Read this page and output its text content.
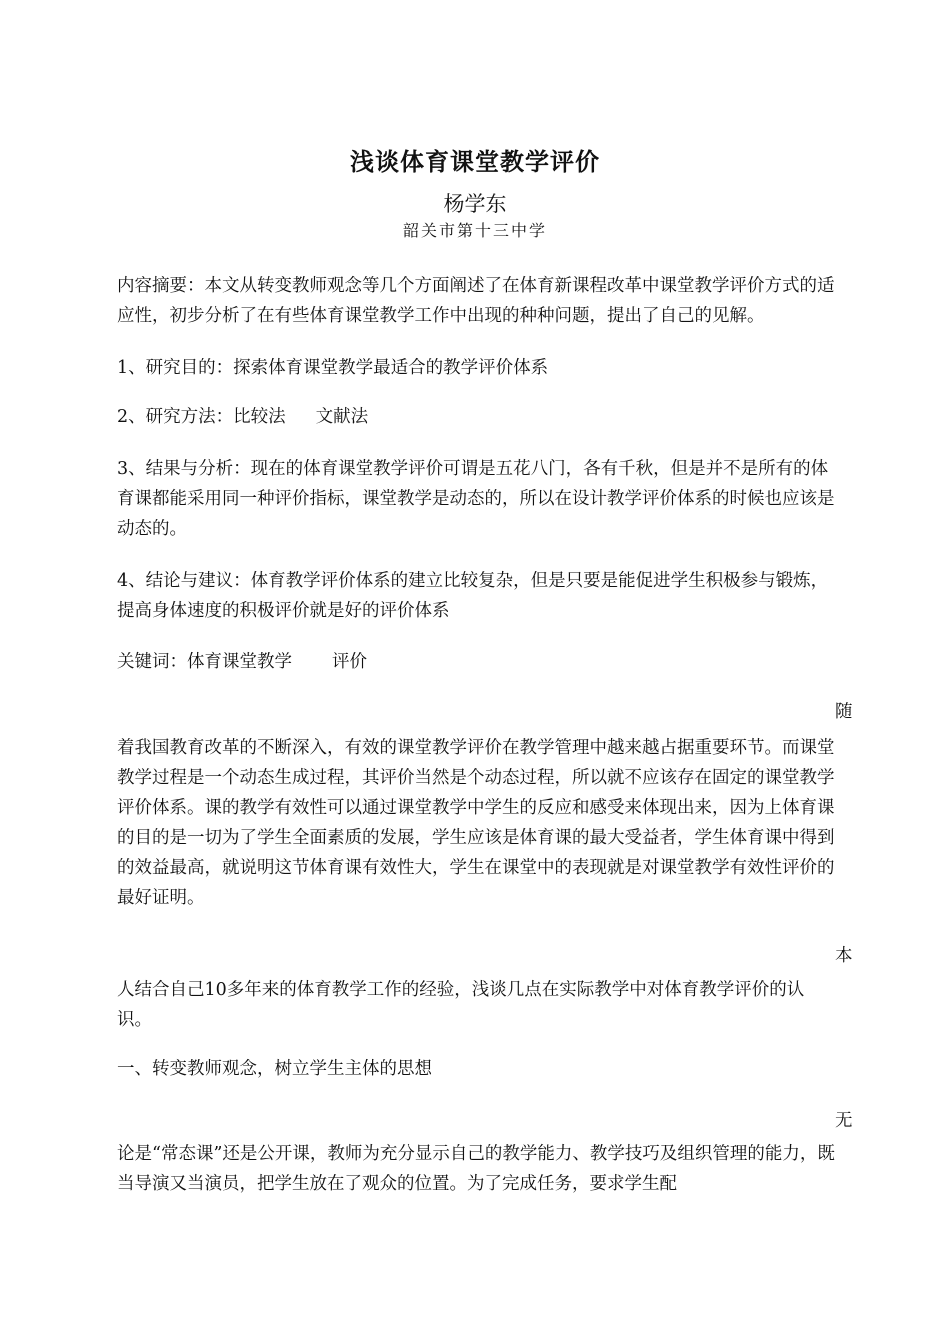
浅谈体育课堂教学评价
杨学东
韶关市第十三中学

内容摘要：本文从转变教师观念等几个方面阐述了在体育新课程改革中课堂教学评价方式的适应性，初步分析了在有些体育课堂教学工作中出现的种种问题，提出了自己的见解。

1、研究目的：探索体育课堂教学最适合的教学评价体系

2、研究方法：比较法 文献法

3、结果与分析：现在的体育课堂教学评价可谓是五花八门，各有千秋，但是并不是所有的体育课都能采用同一种评价指标，课堂教学是动态的，所以在设计教学评价体系的时候也应该是动态的。

4、结论与建议：体育教学评价体系的建立比较复杂，但是只要是能促进学生积极参与锻炼，提高身体速度的积极评价就是好的评价体系

关键词：体育课堂教学 评价

随

着我国教育改革的不断深入，有效的课堂教学评价在教学管理中越来越占据重要环节。而课堂教学过程是一个动态生成过程，其评价当然是个动态过程，所以就不应该存在固定的课堂教学评价体系。课的教学有效性可以通过课堂教学中学生的反应和感受来体现出来，因为上体育课的目的是一切为了学生全面素质的发展，学生应该是体育课的最大受益者，学生体育课中得到的效益最高，就说明这节体育课有效性大，学生在课堂中的表现就是对课堂教学有效性评价的最好证明。

本

人结合自己10多年来的体育教学工作的经验，浅谈几点在实际教学中对体育教学评价的认识。

一、转变教师观念，树立学生主体的思想

无

论是“常态课”还是公开课，教师为充分显示自己的教学能力、教学技巧及组织管理的能力，既当导演又当演员，把学生放在了观众的位置。为了完成任务，要求学生配
